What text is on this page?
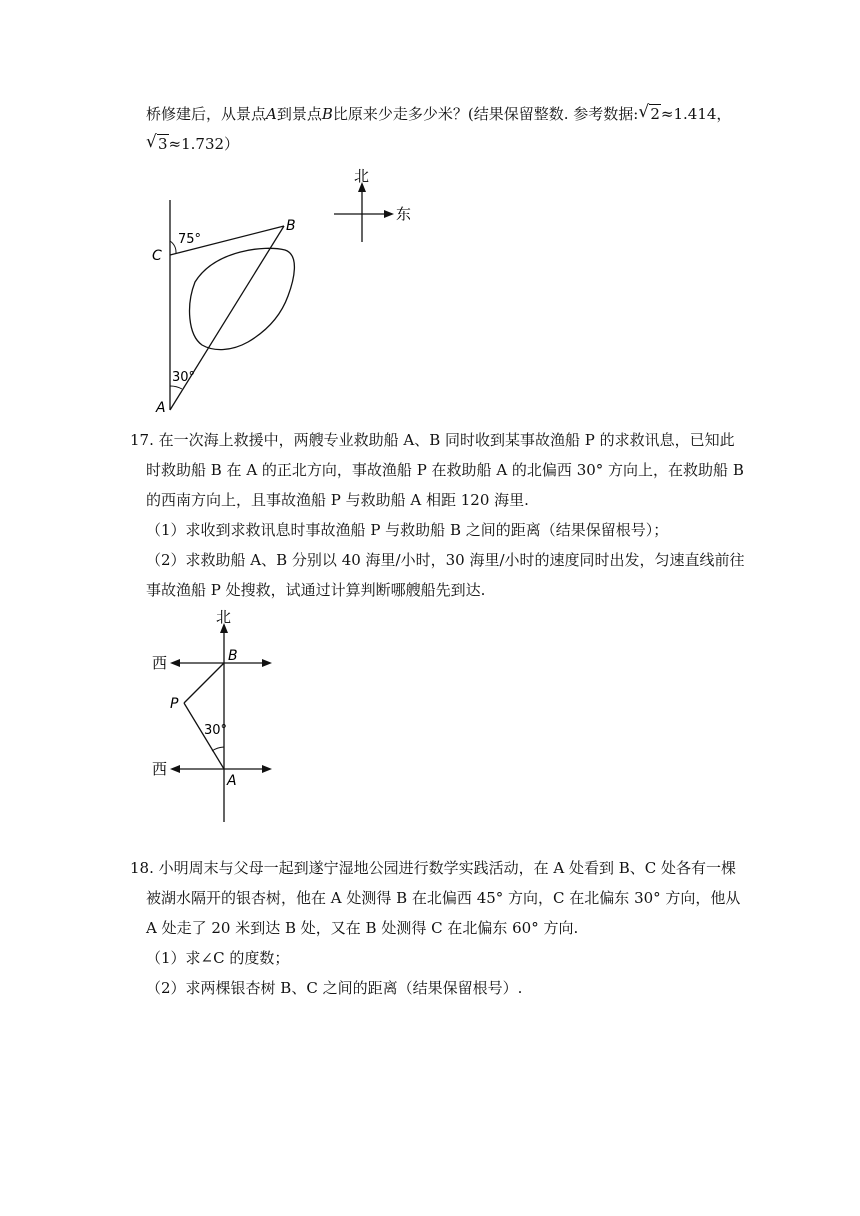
桥修建后，从景点A到景点B比原来少走多少米？(结果保留整数. 参考数据: √ 2≈1.414，
√ 3≈1.732）
北
东
B
C
A
75°
30°
17. 在一次海上救援中，两艘专业救助船 A、B 同时收到某事故渔船 P 的求救讯息，已知此
时救助船 B 在 A 的正北方向，事故渔船 P 在救助船 A 的北偏西 30° 方向上，在救助船 B
的西南方向上，且事故渔船 P 与救助船 A 相距 120 海里.
（1）求收到求救讯息时事故渔船 P 与救助船 B 之间的距离（结果保留根号）；
（2）求救助船 A、B 分别以 40 海里/小时，30 海里/小时的速度同时出发，匀速直线前往
事故渔船 P 处搜救，试通过计算判断哪艘船先到达.
北
西
西
B
P
A
30°
18. 小明周末与父母一起到遂宁湿地公园进行数学实践活动，在 A 处看到 B、C 处各有一棵
被湖水隔开的银杏树，他在 A 处测得 B 在北偏西 45° 方向，C 在北偏东 30° 方向，他从
A 处走了 20 米到达 B 处，又在 B 处测得 C 在北偏东 60° 方向.
（1）求∠C 的度数；
（2）求两棵银杏树 B、C 之间的距离（结果保留根号）.
